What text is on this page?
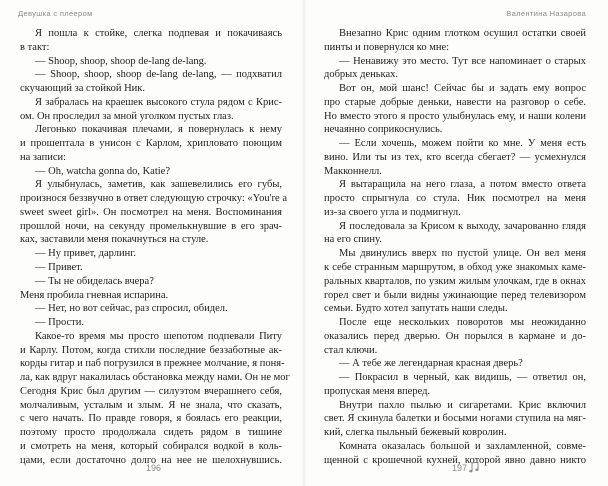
Девушка с плеером
Я пошла к стойке, слегка подпевая и покачиваясь
в такт:
— Shoop, shoop, shoop de-lang de-lang.
— Shoop, shoop, shoop de-lang de-lang, — подхватил
скучающий за стойкой Ник.
Я забралась на краешек высокого стула рядом с Крис-
ом. Он проследил за мной уголком пустых глаз.
Легонько покачивая плечами, я повернулась к нему
и прошептала в унисон с Карлом, хрипловато поющим
на записи:
— Oh, watcha gonna do, Katie?
Я улыбнулась, заметив, как зашевелились его губы,
произнося беззвучно в ответ следующую строчку: «You're a
sweet sweet girl». Он посмотрел на меня. Воспоминания
прошлой ночи, на секунду промелькнувшие в его зрач-
ках, заставили меня покачнуться на стуле.
— Ну привет, дарлинг.
— Привет.
— Ты не обиделась вчера?
Меня пробила гневная испарина.
— Нет, но вот сейчас, раз спросил, обидел.
— Прости.
Какое-то время мы просто шепотом подпевали Питу
и Карлу. Потом, когда стихли последние беззаботные ак-
корды гитар и паб погрузился в прежнее молчание, я поня-
ла, как вдруг накалилась обстановка между нами. Он не мог
Сегодня Крис был другим — силуэтом вчерашнего себя,
молчаливым, усталым и злым. Я не знала, что сказать,
с чего начать. По правде говоря, я боялась его реакции,
поэтому просто продолжала сидеть рядом в тишине
и смотреть на меня, который собирался водкой в коль-
цами, если достаточно долго на нее не шелохнувшись.
196
Валентина Назарова
Внезапно Крис одним глотком осушил остатки своей
пинты и повернулся ко мне:
— Ненавижу это место. Тут все напоминает о старых
добрых деньках.
Вот он, мой шанс! Сейчас бы и задать ему вопрос
про старые добрые деньки, навести на разговор о себе.
Но вместо этого я просто улыбнулась ему, и наши колени
нечаянно соприкоснулись.
— Если хочешь, можем пойти ко мне. У меня есть
вино. Или ты из тех, кто всегда сбегает? — усмехнулся
Макконнелл.
Я вытаращила на него глаза, а потом вместо ответа
просто спрыгнула со стула. Ник посмотрел на меня
из-за своего угла и подмигнул.
Я последовала за Крисом к выходу, зачарованно глядя
на его спину.
Мы двинулись вверх по пустой улице. Он вел меня
к себе странным маршрутом, в обход уже знакомых каме-
ральных кварталов, по узким жилым улочкам, где в окнах
горел свет и были видны ужинающие перед телевизором
семьи. Будто хотел запутать наши следы.
После еще нескольких поворотов мы неожиданно
оказались перед дверью. Он порылся в кармане и до-
стал ключи.
— А тебе же легендарная красная дверь?
— Покрасил в черный, как видишь, — ответил он,
пропуская меня вперед.
Внутри пахло пылью и сигаретами. Крис включил
свет. Я скинула балетки и босыми ногами ступила на мяг-
кий, слегка пыльный бежевый ковролин.
Комната оказалась большой и захламленной, совме-
щенной с крошечной кухней, которой явно давно никто
197
